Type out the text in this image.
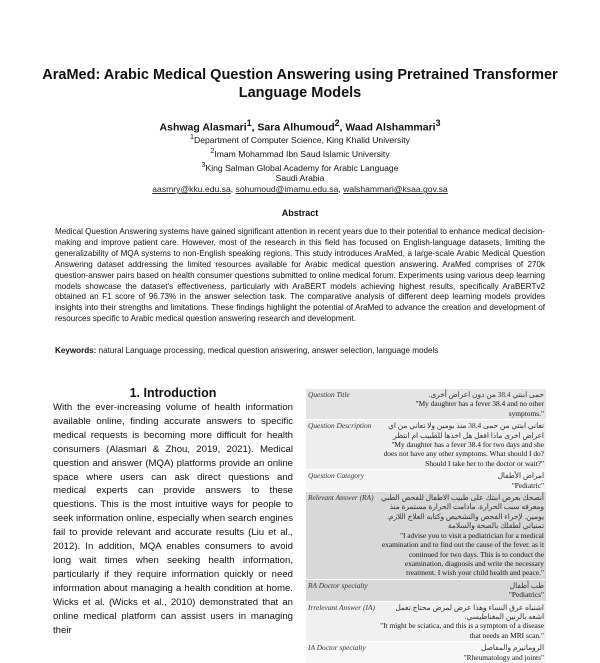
AraMed: Arabic Medical Question Answering using Pretrained Transformer Language Models
Ashwag Alasmari$^1$, Sara Alhumoud$^2$, Waad Alshammari$^3$
$^1$Department of Computer Science, King Khalid University
$^2$Imam Mohammad Ibn Saud Islamic University
$^3$King Salman Global Academy for Arabic Language
Saudi Arabia
aasmry@kku.edu.sa, sohumoud@imamu.edu.sa, walshammari@ksaa.gov.sa
Abstract
Medical Question Answering systems have gained significant attention in recent years due to their potential to enhance medical decision-making and improve patient care. However, most of the research in this field has focused on English-language datasets, limiting the generalizability of MQA systems to non-English speaking regions. This study introduces AraMed, a large-scale Arabic Medical Question Answering dataset addressing the limited resources available for Arabic medical question answering. AraMed comprises of 270k question-answer pairs based on health consumer questions submitted to online medical forum. Experiments using various deep learning models showcase the dataset's effectiveness, particularly with AraBERT models achieving highest results, specifically AraBERTv2 obtained an F1 score of 96.73% in the answer selection task. The comparative analysis of different deep learning models provides insights into their strengths and limitations. These findings highlight the potential of AraMed to advance the creation and development of resources specific to Arabic medical question answering research and development.
Keywords: natural Language processing, medical question answering, answer selection, language models
1. Introduction
With the ever-increasing volume of health information available online, finding accurate answers to specific medical requests is becoming more difficult for health consumers (Alasmari & Zhou, 2019, 2021). Medical question and answer (MQA) platforms provide an online space where users can ask direct questions and medical experts can provide answers to these questions. This is the most intuitive ways for people to seek information online, especially when search engines fail to provide relevant and accurate results (Liu et al., 2012). In addition, MQA enables consumers to avoid long wait times when seeking health information, particularly if they require information quickly or need information about managing a health condition at home. Wicks et al. (Wicks et al., 2010) demonstrated that an online medical platform can assist users in managing their
Question Title	حمى ابنتي 38.4 من دون اعراض أخرى.
"My daughter has a fever 38.4 and no other symptoms."
Question Description	تعاني ابنتي من حمى 38.4 منذ يومين ولا تعاني من اي اعراض اخرى ماذا افعل هل اخذها للطبيب ام انتظر
"My daughter has a fever 38.4 for two days and she does not have any other symptoms. What should I do? Should I take her to the doctor or wait?"
Question Category	امراض الأطفال
"Pediatric"
Relevant Answer (RA)	أنصحك بعرض ابنتك على طبيب الاطفال للفحص الطبي ومعرفه سبب الحرارة. مادامت الحرارة مستمرة منذ يومين. لإجراء الفحص والتشخيص وكتابه العلاج اللازم. تمنياتي لطفلك بالصحة والسلامة
"I advise you to visit a pediatrician for a medical examination and to find out the cause of the fever. as it continued for two days. This is to conduct the examination, diagnosis and write the necessary treatment. I wish your child health and peace."
RA Doctor specialty	طب أطفال
"Pediatrics"
Irrelevant Answer (IA)	اشتباه عرق النساء وهذا عرض لمرض محتاج تعمل اشعه بالرنين المغناطيسي.
"It might be sciatica, and this is a symptom of a disease that needs an MRI scan."
IA Doctor specialty	الروماتيزم والمفاصل
"Rheumatology and joints"
